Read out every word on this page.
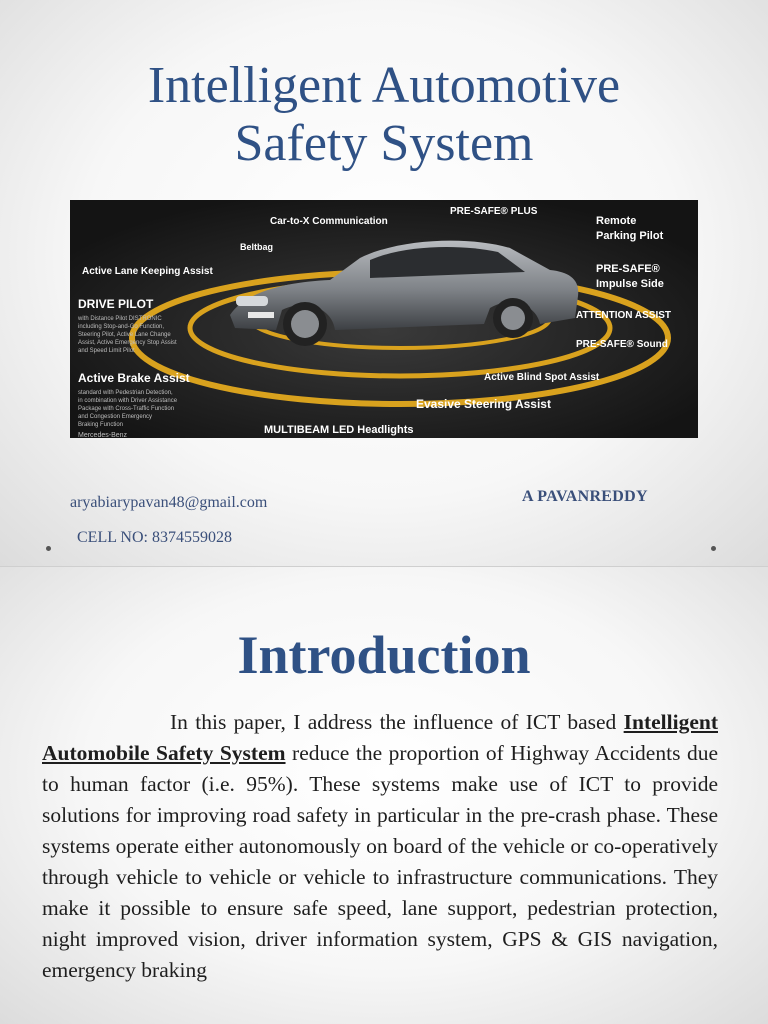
Intelligent Automotive
Safety System
Car-to-X Communication
PRE-SAFE® PLUS
Remote
Parking Pilot
Beltbag
Active Lane Keeping Assist	PRE-SAFE®
Impulse Side
DRIVE PILOT
with Distance Pilot DISTRONIC
including Stop-and-Go Function,
Steering Pilot, Active Lane Change
Assist, Active Emergency Stop Assist
and Speed Limit Pilot
ATTENTION ASSIST
PRE-SAFE® Sound
Active Brake Assist
standard with Pedestrian Detection,
in combination with Driver Assistance
Package with Cross-Traffic Function
and Congestion Emergency
Braking Function
Active Blind Spot Assist
Evasive Steering Assist
MULTIBEAM LED Headlights
Mercedes-Benz
aryabiarypavan48@gmail.com
CELL NO: 8374559028
A PAVANREDDY
Introduction

In this paper, I address the influence of ICT based Intelligent Automobile Safety System reduce the proportion of Highway Accidents due to human factor (i.e. 95%). These systems make use of ICT to provide solutions for improving road safety in particular in the pre-crash phase. These systems operate either autonomously on board of the vehicle or co-operatively through vehicle to vehicle or vehicle to infrastructure communications. They make it possible to ensure safe speed, lane support, pedestrian protection, night improved vision, driver information system, GPS & GIS navigation, emergency braking
